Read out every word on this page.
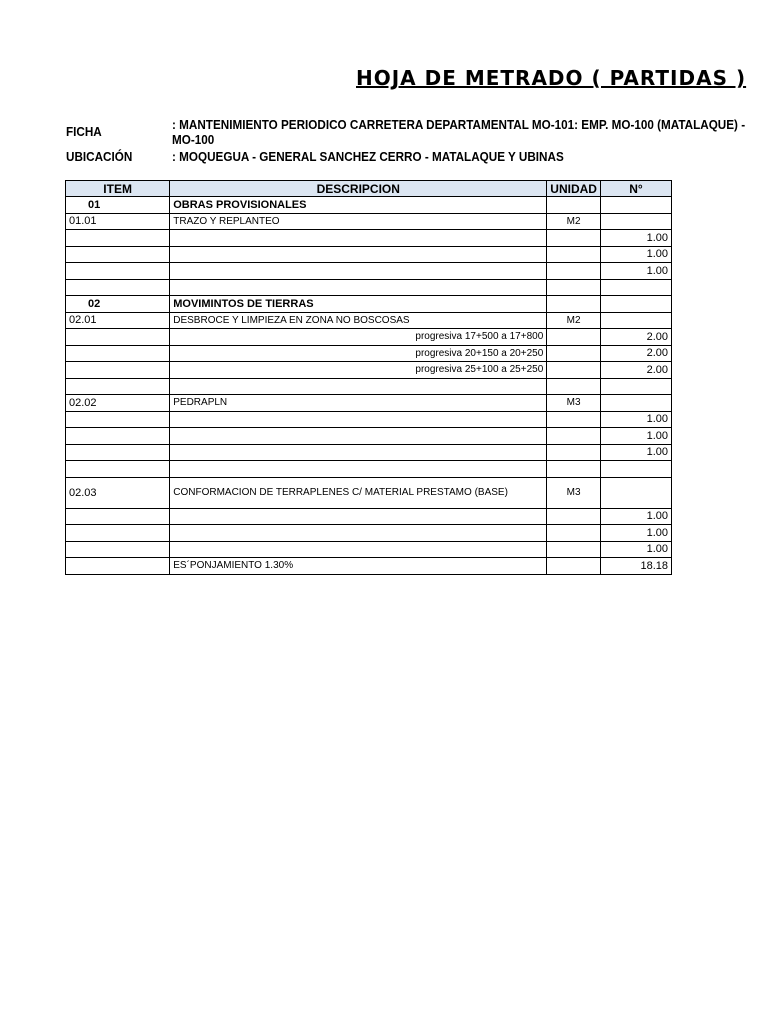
HOJA DE METRADO ( PARTIDAS )
FICHA	: MANTENIMIENTO PERIODICO CARRETERA DEPARTAMENTAL MO-101: EMP. MO-100 (MATALAQUE) -
MO-100
UBICACIÓN	: MOQUEGUA - GENERAL SANCHEZ CERRO - MATALAQUE Y UBINAS
ITEM	DESCRIPCION	UNIDAD	N°
01	OBRAS PROVISIONALES		
01.01	TRAZO Y REPLANTEO	M2	
			1.00
			1.00
			1.00

02	MOVIMINTOS DE TIERRAS		
02.01	DESBROCE Y LIMPIEZA EN ZONA NO BOSCOSAS	M2	
	progresiva 17+500 a 17+800		2.00
	progresiva 20+150 a 20+250		2.00
	progresiva 25+100 a 25+250		2.00

02.02	PEDRAPLN	M3	
			1.00
			1.00
			1.00

02.03	CONFORMACION DE TERRAPLENES C/ MATERIAL PRESTAMO (BASE)	M3	
			1.00
			1.00
			1.00
	ES´PONJAMIENTO 1.30%		18.18
